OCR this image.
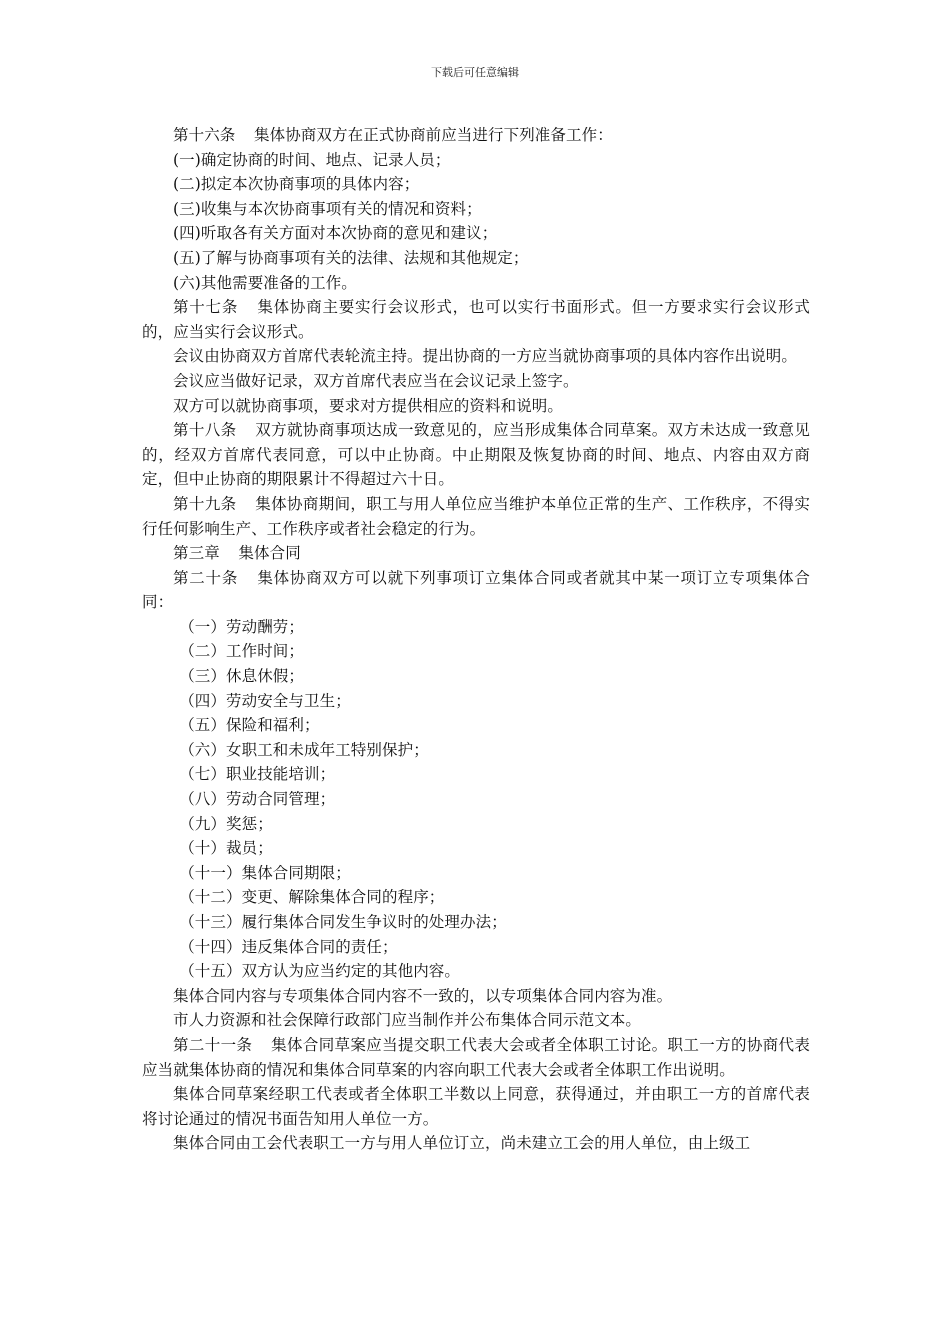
下载后可任意编辑

第十六条 集体协商双方在正式协商前应当进行下列准备工作：

(一)确定协商的时间、地点、记录人员；

(二)拟定本次协商事项的具体内容；

(三)收集与本次协商事项有关的情况和资料；

(四)听取各有关方面对本次协商的意见和建议；

(五)了解与协商事项有关的法律、法规和其他规定；

(六)其他需要准备的工作。

第十七条 集体协商主要实行会议形式，也可以实行书面形式。但一方要求实行会议形式的，应当实行会议形式。

会议由协商双方首席代表轮流主持。提出协商的一方应当就协商事项的具体内容作出说明。

会议应当做好记录，双方首席代表应当在会议记录上签字。

双方可以就协商事项，要求对方提供相应的资料和说明。

第十八条 双方就协商事项达成一致意见的，应当形成集体合同草案。双方未达成一致意见的，经双方首席代表同意，可以中止协商。中止期限及恢复协商的时间、地点、内容由双方商定，但中止协商的期限累计不得超过六十日。

第十九条 集体协商期间，职工与用人单位应当维护本单位正常的生产、工作秩序，不得实行任何影响生产、工作秩序或者社会稳定的行为。

第三章 集体合同

第二十条 集体协商双方可以就下列事项订立集体合同或者就其中某一项订立专项集体合同：

（一）劳动酬劳；

（二）工作时间；

（三）休息休假；

（四）劳动安全与卫生；

（五）保险和福利；

（六）女职工和未成年工特别保护；

（七）职业技能培训；

（八）劳动合同管理；

（九）奖惩；

（十）裁员；

（十一）集体合同期限；

（十二）变更、解除集体合同的程序；

（十三）履行集体合同发生争议时的处理办法；

（十四）违反集体合同的责任；

（十五）双方认为应当约定的其他内容。

集体合同内容与专项集体合同内容不一致的，以专项集体合同内容为准。

市人力资源和社会保障行政部门应当制作并公布集体合同示范文本。

第二十一条 集体合同草案应当提交职工代表大会或者全体职工讨论。职工一方的协商代表应当就集体协商的情况和集体合同草案的内容向职工代表大会或者全体职工作出说明。

集体合同草案经职工代表或者全体职工半数以上同意，获得通过，并由职工一方的首席代表将讨论通过的情况书面告知用人单位一方。

集体合同由工会代表职工一方与用人单位订立，尚未建立工会的用人单位，由上级工
